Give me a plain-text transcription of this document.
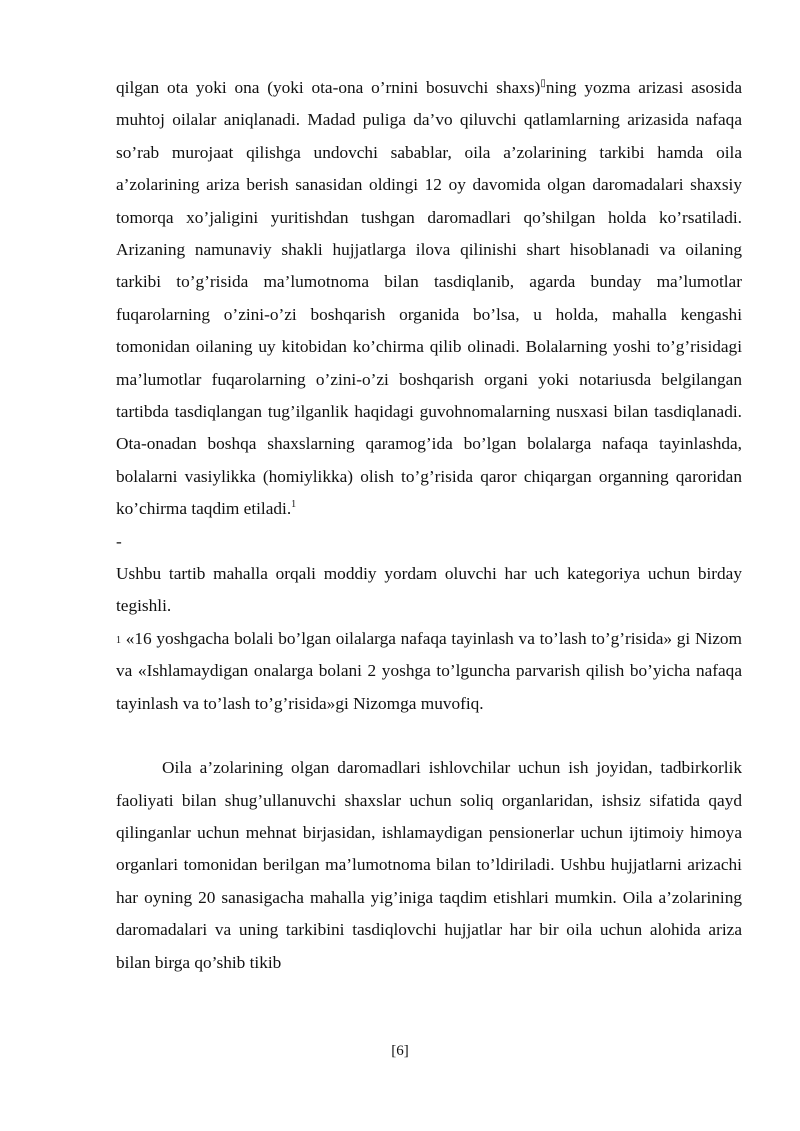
qilgan ota yoki ona (yoki ota-ona o’rnini bosuvchi shaxs)▯ning yozma arizasi asosida muhtoj oilalar aniqlanadi. Madad puliga da’vo qiluvchi qatlamlarning arizasida nafaqa so’rab murojaat qilishga undovchi sabablar, oila a’zolarining tarkibi hamda oila a’zolarining ariza berish sanasidan oldingi 12 oy davomida olgan daromadalari shaxsiy tomorqa xo’jaligini yuritishdan tushgan daromadlari qo’shilgan holda ko’rsatiladi. Arizaning namunaviy shakli hujjatlarga ilova qilinishi shart hisoblanadi va oilaning tarkibi to’g’risida ma’lumotnoma bilan tasdiqlanib, agarda bunday ma’lumotlar fuqarolarning o’zini-o’zi boshqarish organida bo’lsa, u holda, mahalla kengashi tomonidan oilaning uy kitobidan ko’chirma qilib olinadi. Bolalarning yoshi to’g’risidagi ma’lumotlar fuqarolarning o’zini-o’zi boshqarish organi yoki notariusda belgilangan tartibda tasdiqlangan tug’ilganlik haqidagi guvohnomalarning nusxasi bilan tasdiqlanadi. Ota-onadan boshqa shaxslarning qaramog’ida bo’lgan bolalarga nafaqa tayinlashda, bolalarni vasiylikka (homiylikka) olish to’g’risida qaror chiqargan organning qaroridan ko’chirma taqdim etiladi.$^1$

-

Ushbu tartib mahalla orqali moddiy yordam oluvchi har uch kategoriya uchun birday tegishli.

$^1$ «16 yoshgacha bolali bo’lgan oilalarga nafaqa tayinlash va to’lash to’g’risida» gi Nizom va «Ishlamaydigan onalarga bolani 2 yoshga to’lguncha parvarish qilish bo’yicha nafaqa tayinlash va to’lash to’g’risida»gi Nizomga muvofiq.

Oila a’zolarining olgan daromadlari ishlovchilar uchun ish joyidan, tadbirkorlik faoliyati bilan shug’ullanuvchi shaxslar uchun soliq organlaridan, ishsiz sifatida qayd qilinganlar uchun mehnat birjasidan, ishlamaydigan pensionerlar uchun ijtimoiy himoya organlari tomonidan berilgan ma’lumotnoma bilan to’ldiriladi. Ushbu hujjatlarni arizachi har oyning 20 sanasigacha mahalla yig’iniga taqdim etishlari mumkin. Oila a’zolarining daromadalari va uning tarkibini tasdiqlovchi hujjatlar har bir oila uchun alohida ariza bilan birga qo’shib tikib

[6]
